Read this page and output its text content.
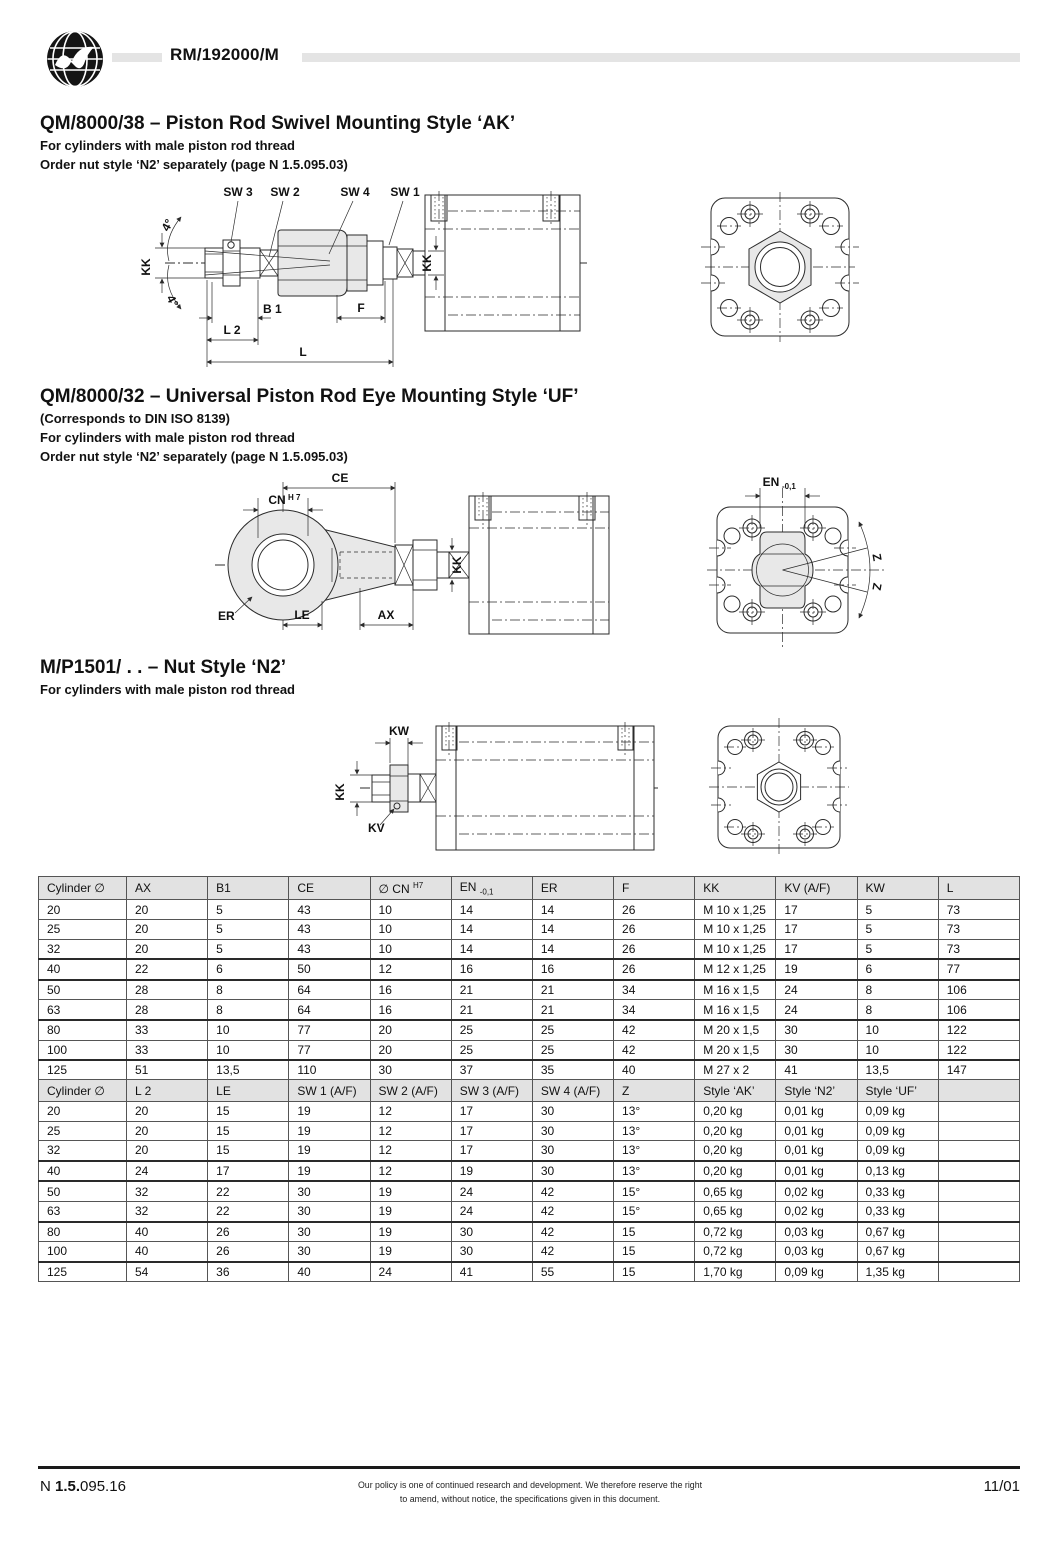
RM/192000/M
QM/8000/38 – Piston Rod Swivel Mounting Style ‘AK’

For cylinders with male piston rod thread

Order nut style ‘N2’ separately (page N 1.5.095.03)

4°
4°
SW 3 SW 2	SW 4 SW 1
KK	KK
B 1	F
L 2
L
QM/8000/32 – Universal Piston Rod Eye Mounting Style ‘UF’

(Corresponds to DIN ISO 8139)

For cylinders with male piston rod thread

Order nut style ‘N2’ separately (page N 1.5.095.03)

CE
CN H 7
KK
ER	LE	AX
EN -0,1
Z
Z
M/P1501/ . . – Nut Style ‘N2’

For cylinders with male piston rod thread

KW
KK
KV
Cylinder ∅	AX	B1	CE	∅ CN $^{H7}$	EN $_{-0,1}$	ER	F	KK	KV (A/F)	KW	L
20	20	5	43	10	14	14	26	M 10 x 1,25	17	5	73
25	20	5	43	10	14	14	26	M 10 x 1,25	17	5	73
32	20	5	43	10	14	14	26	M 10 x 1,25	17	5	73
40	22	6	50	12	16	16	26	M 12 x 1,25	19	6	77
50	28	8	64	16	21	21	34	M 16 x 1,5	24	8	106
63	28	8	64	16	21	21	34	M 16 x 1,5	24	8	106
80	33	10	77	20	25	25	42	M 20 x 1,5	30	10	122
100	33	10	77	20	25	25	42	M 20 x 1,5	30	10	122
125	51	13,5	110	30	37	35	40	M 27 x 2	41	13,5	147
Cylinder ∅	L 2	LE	SW 1 (A/F)	SW 2 (A/F)	SW 3 (A/F)	SW 4 (A/F)	Z	Style ‘AK’	Style ‘N2’	Style ‘UF’	
20	20	15	19	12	17	30	13°	0,20 kg	0,01 kg	0,09 kg	
25	20	15	19	12	17	30	13°	0,20 kg	0,01 kg	0,09 kg	
32	20	15	19	12	17	30	13°	0,20 kg	0,01 kg	0,09 kg	
40	24	17	19	12	19	30	13°	0,20 kg	0,01 kg	0,13 kg	
50	32	22	30	19	24	42	15°	0,65 kg	0,02 kg	0,33 kg	
63	32	22	30	19	24	42	15°	0,65 kg	0,02 kg	0,33 kg	
80	40	26	30	19	30	42	15	0,72 kg	0,03 kg	0,67 kg	
100	40	26	30	19	30	42	15	0,72 kg	0,03 kg	0,67 kg	
125	54	36	40	24	41	55	15	1,70 kg	0,09 kg	1,35 kg	
N 1.5.095.16	Our policy is one of continued research and development. We therefore reserve the right
to amend, without notice, the specifications given in this document.
11/01
